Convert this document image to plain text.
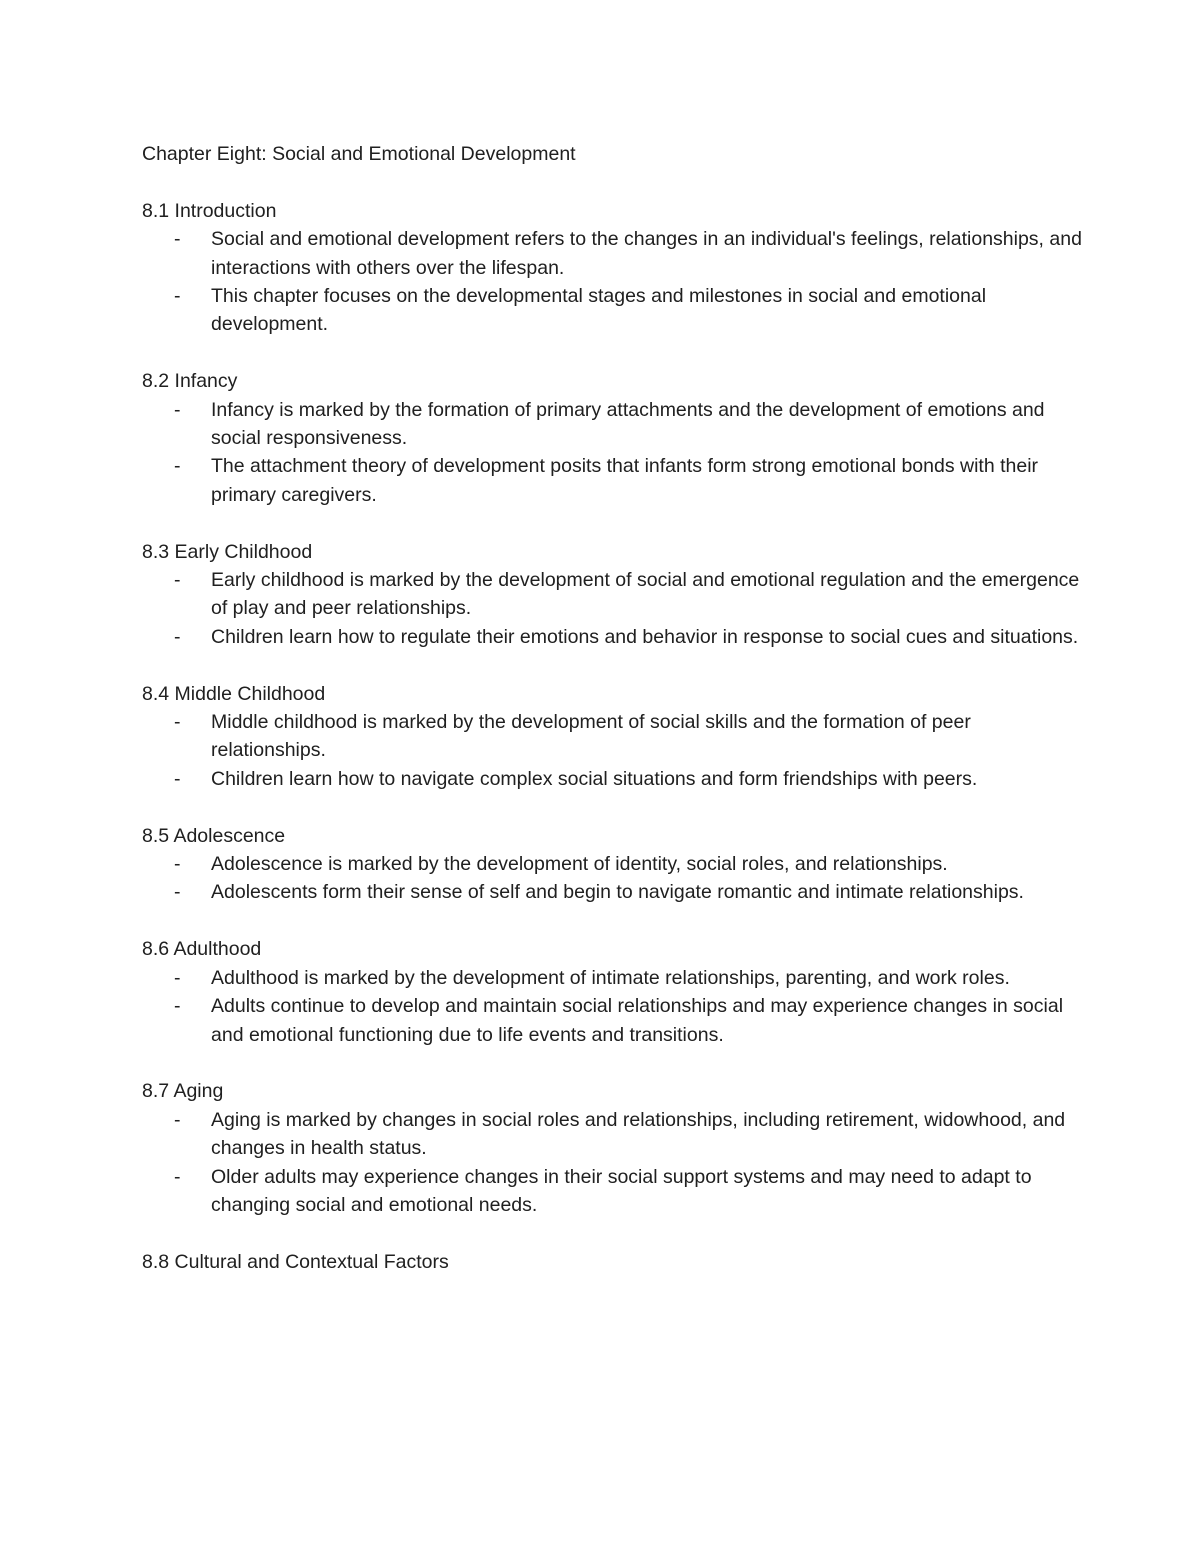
Chapter Eight: Social and Emotional Development
8.1 Introduction
- Social and emotional development refers to the changes in an individual's feelings, relationships, and interactions with others over the lifespan.
- This chapter focuses on the developmental stages and milestones in social and emotional development.
8.2 Infancy
- Infancy is marked by the formation of primary attachments and the development of emotions and social responsiveness.
- The attachment theory of development posits that infants form strong emotional bonds with their primary caregivers.
8.3 Early Childhood
- Early childhood is marked by the development of social and emotional regulation and the emergence of play and peer relationships.
- Children learn how to regulate their emotions and behavior in response to social cues and situations.
8.4 Middle Childhood
- Middle childhood is marked by the development of social skills and the formation of peer relationships.
- Children learn how to navigate complex social situations and form friendships with peers.
8.5 Adolescence
- Adolescence is marked by the development of identity, social roles, and relationships.
- Adolescents form their sense of self and begin to navigate romantic and intimate relationships.
8.6 Adulthood
- Adulthood is marked by the development of intimate relationships, parenting, and work roles.
- Adults continue to develop and maintain social relationships and may experience changes in social and emotional functioning due to life events and transitions.
8.7 Aging
- Aging is marked by changes in social roles and relationships, including retirement, widowhood, and changes in health status.
- Older adults may experience changes in their social support systems and may need to adapt to changing social and emotional needs.
8.8 Cultural and Contextual Factors
